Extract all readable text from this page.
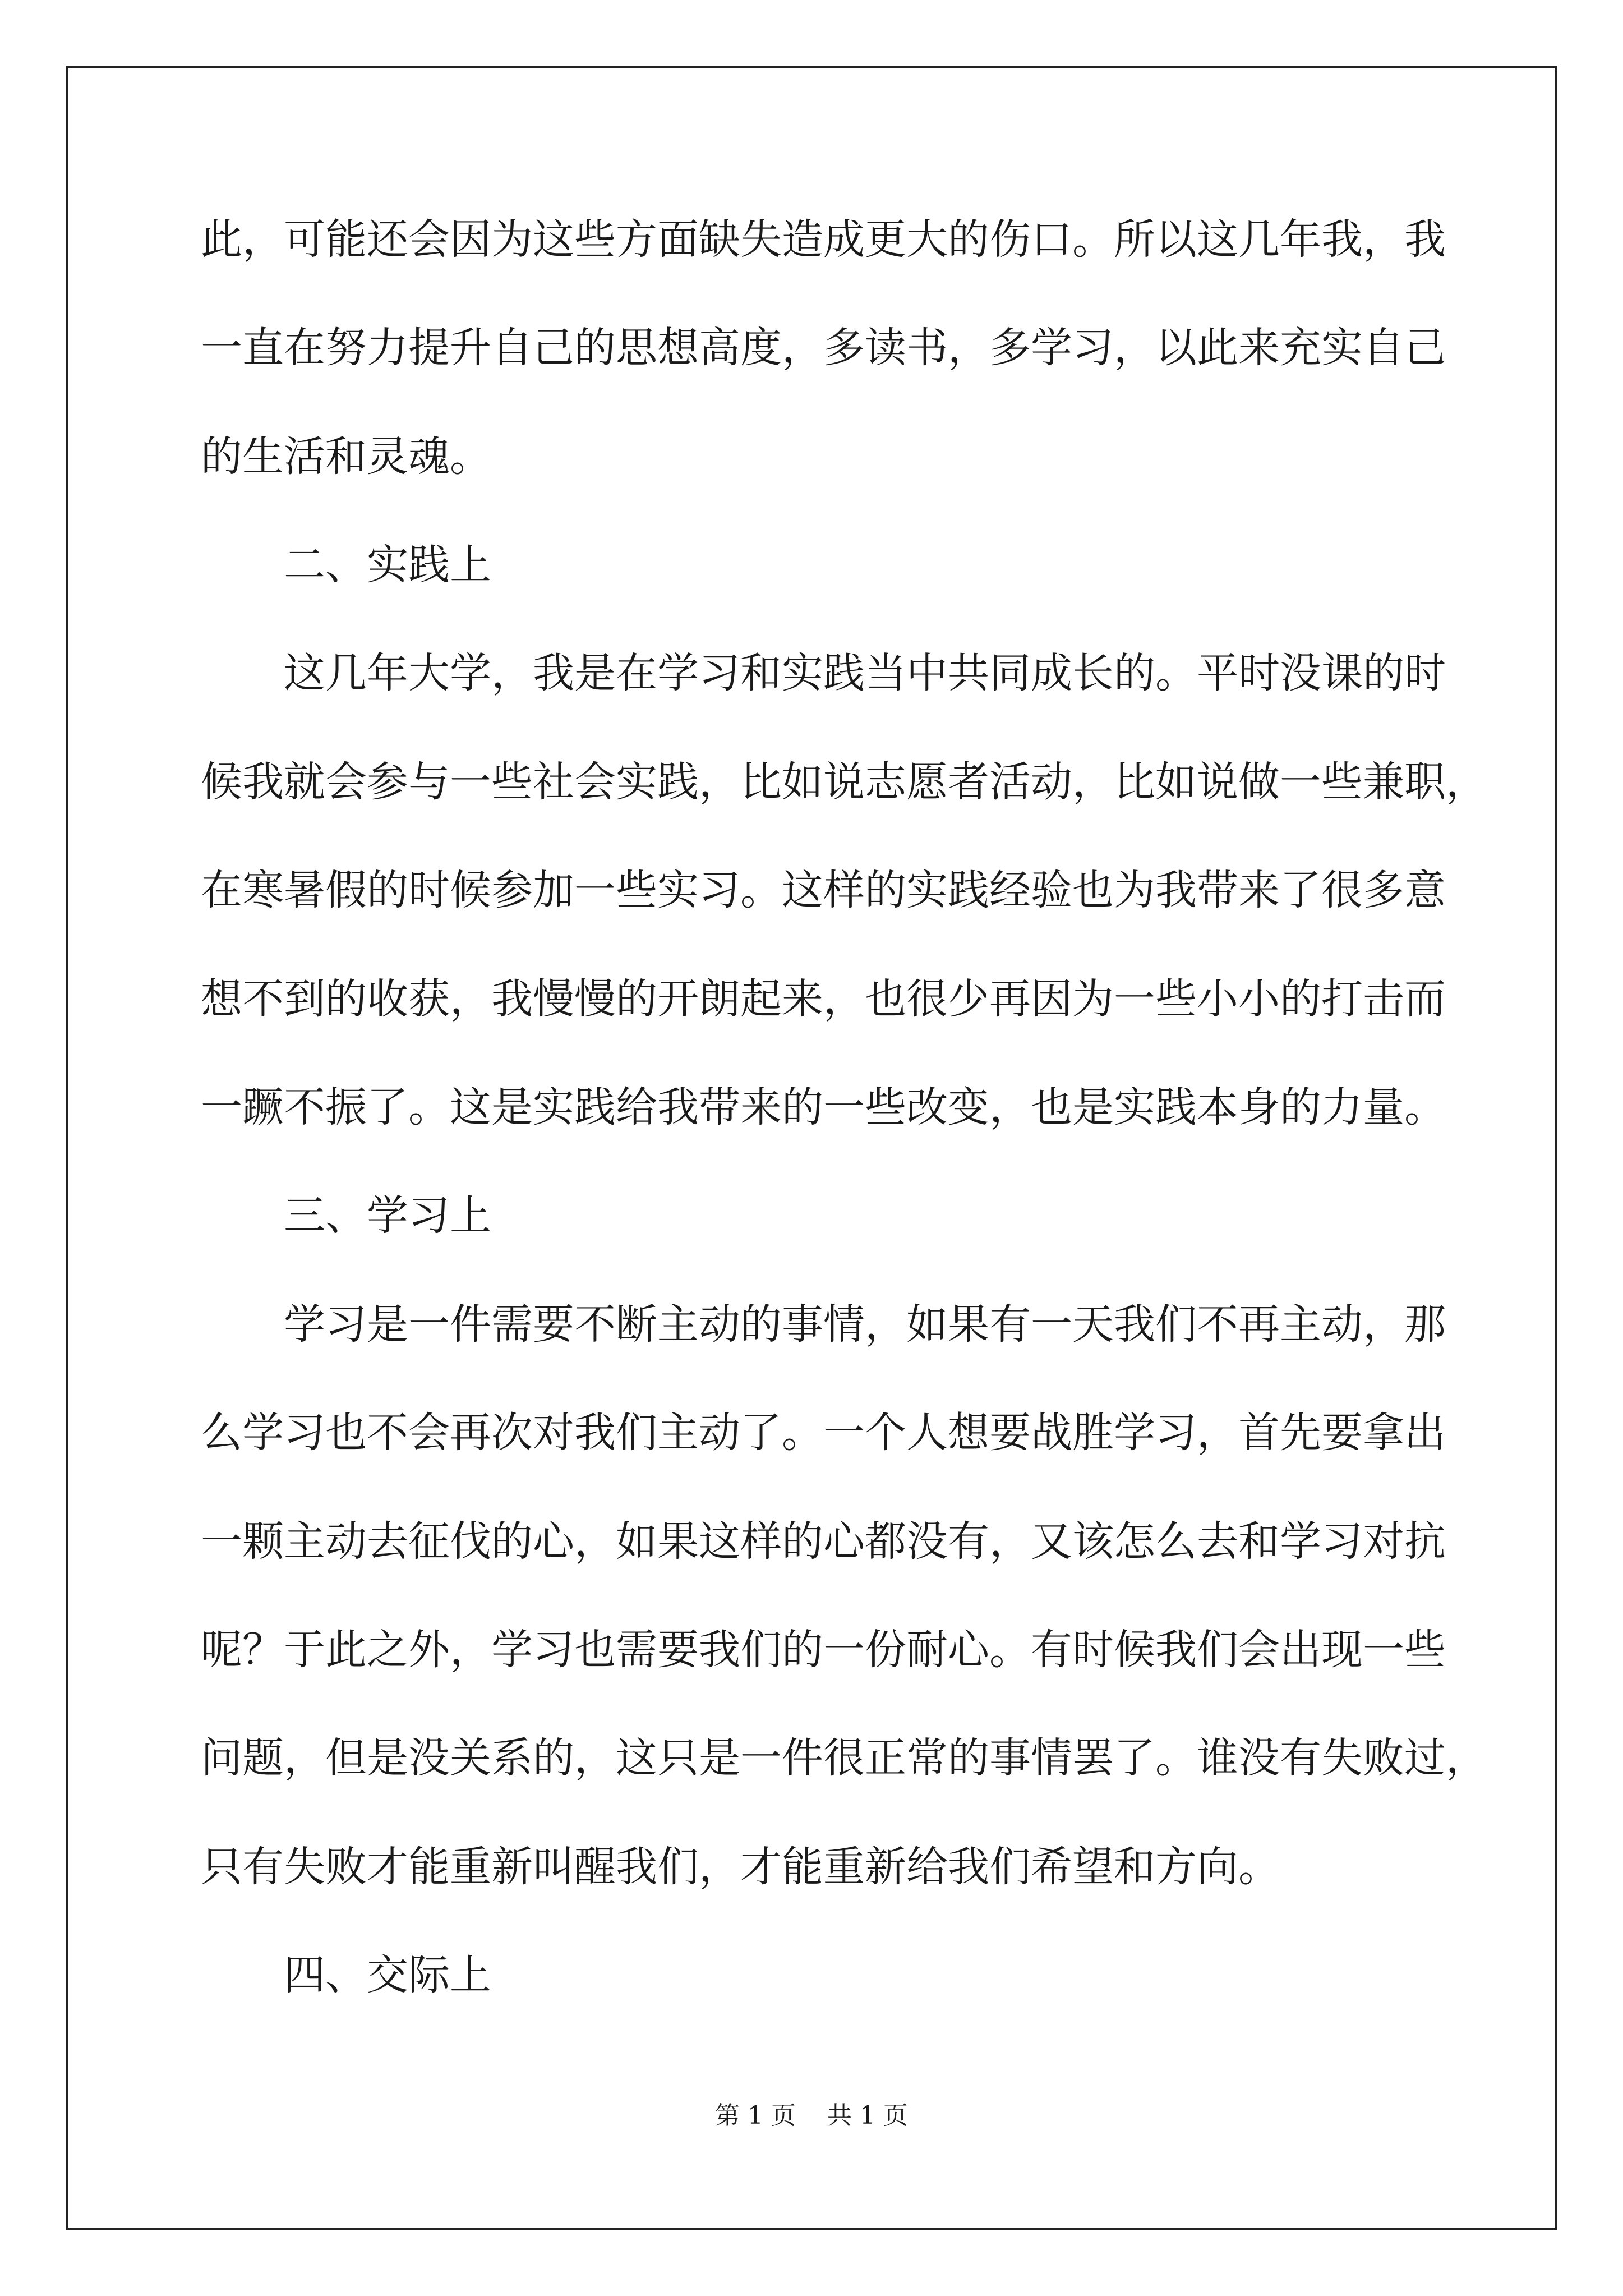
此，可能还会因为这些方面缺失造成更大的伤口。所以这几年我，我
一直在努力提升自己的思想高度，多读书，多学习，以此来充实自己
的生活和灵魂。
二、实践上
这几年大学，我是在学习和实践当中共同成长的。平时没课的时
候我就会参与一些社会实践，比如说志愿者活动，比如说做一些兼职，
在寒暑假的时候参加一些实习。这样的实践经验也为我带来了很多意
想不到的收获，我慢慢的开朗起来，也很少再因为一些小小的打击而
一蹶不振了。这是实践给我带来的一些改变，也是实践本身的力量。
三、学习上
学习是一件需要不断主动的事情，如果有一天我们不再主动，那
么学习也不会再次对我们主动了。一个人想要战胜学习，首先要拿出
一颗主动去征伐的心，如果这样的心都没有，又该怎么去和学习对抗
呢？于此之外，学习也需要我们的一份耐心。有时候我们会出现一些
问题，但是没关系的，这只是一件很正常的事情罢了。谁没有失败过，
只有失败才能重新叫醒我们，才能重新给我们希望和方向。
四、交际上
第 1 页    共 1 页
